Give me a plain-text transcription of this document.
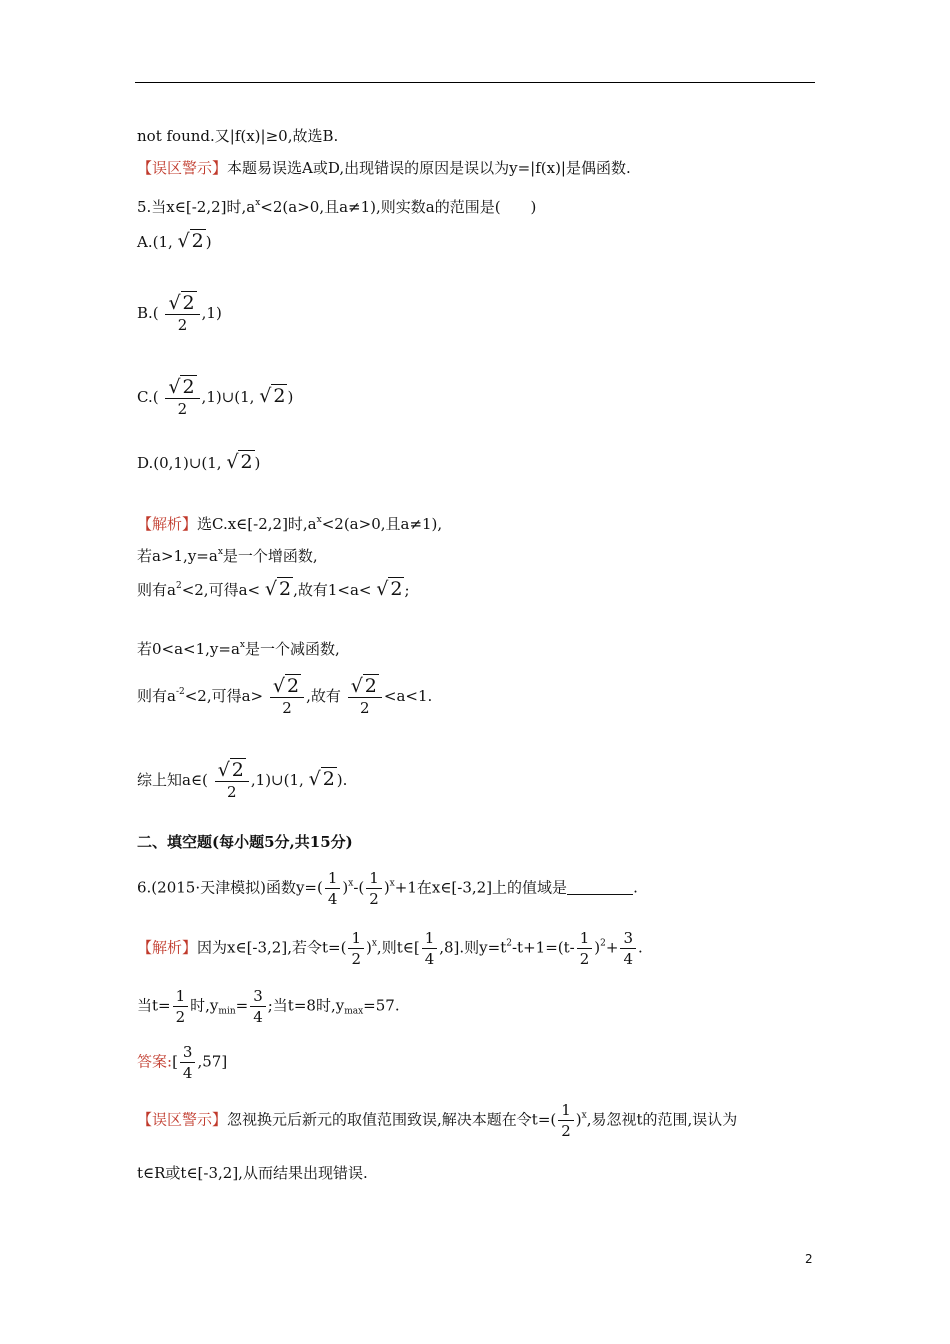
not found.又|f(x)|≥0,故选B.
【误区警示】本题易误选A或D,出现错误的原因是误以为y=|f(x)|是偶函数.
5.当x∈[-2,2]时$,a^x<2(a>0$,且a≠1),则实数a的范围是(　　)
A.(1, √ 2 )
$B.( \frac{√ 2}{2} ,1)$
$C.( \frac{√ 2}{2}$ ,1)∪(1, √ 2 )
D.(0,1)∪(1, √ 2 )
【解析】选C.x∈[-2,2]时$,a^x<2(a>0$,且a≠1),
若$a>1,y=a^x$是一个增函数,
则有$a^2<2$,可得a< √ 2 ,故有1<a< √ 2 ;
若$0<a<1,y=a^x$是一个减函数,
则有$a^{-2}<2$,可得$a> \frac{√ 2}{2}$ ,故有 $\frac{√ 2}{2} <a<1$.
综上知a∈( $\frac{√ 2}{2}$ ,1)∪(1, √ 2 ).
二、填空题(每小题5分,共15分)
6.(2015·天津模拟)函数$y=( \frac{1}{4} )^x-( \frac{1}{2} )^x+1$在x∈[-3,2]上的值域是	.
【解析】因为x∈[-3,2],若令$t=( \frac{1}{2} )^x$,则t∈[ $\frac{1}{4} ,8$].则$y=t^2-t+1=(t- \frac{1}{2} )^2+ \frac{3}{4}$ .
当$t= \frac{1}{2}$ 时$,y_{min}= \frac{3}{4}$ ;当t=8时$,y_{max}=57$.
答案:[ $\frac{3}{4} ,57$]
【误区警示】忽视换元后新元的取值范围致误,解决本题在令$t=( \frac{1}{2} )^x$,易忽视t的范围,误认为
t∈R或t∈[-3,2],从而结果出现错误.
2
